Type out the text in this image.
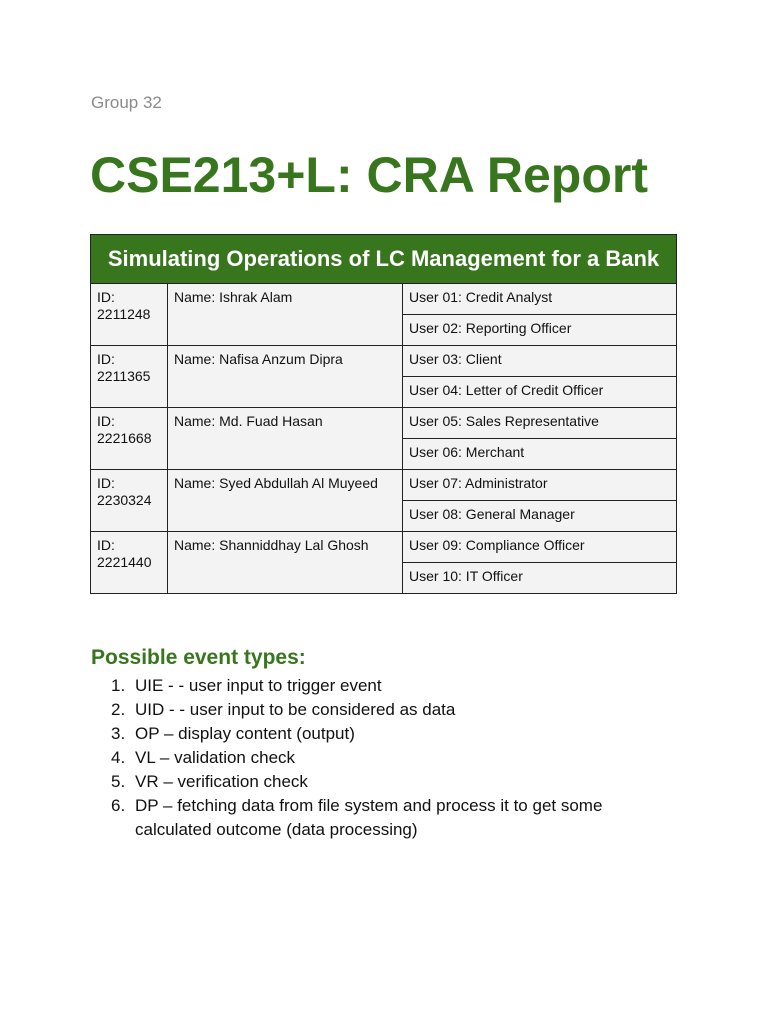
Group 32
CSE213+L: CRA Report
Simulating Operations of LC Management for a Bank		

ID:
2211248	Name: Ishrak Alam	User 01: Credit Analyst
		User 02: Reporting Officer

ID:
2211365	Name: Nafisa Anzum Dipra	User 03: Client
		User 04: Letter of Credit Officer

ID:
2221668	Name: Md. Fuad Hasan	User 05: Sales Representative
		User 06: Merchant

ID:
2230324	Name: Syed Abdullah Al Muyeed	User 07: Administrator
		User 08: General Manager

ID:
2221440	Name: Shanniddhay Lal Ghosh	User 09: Compliance Officer
		User 10: IT Officer
Possible event types:
1. UIE - - user input to trigger event
2. UID - - user input to be considered as data
3. OP – display content (output)
4. VL – validation check
5. VR – verification check
6. DP – fetching data from file system and process it to get some calculated outcome (data processing)
